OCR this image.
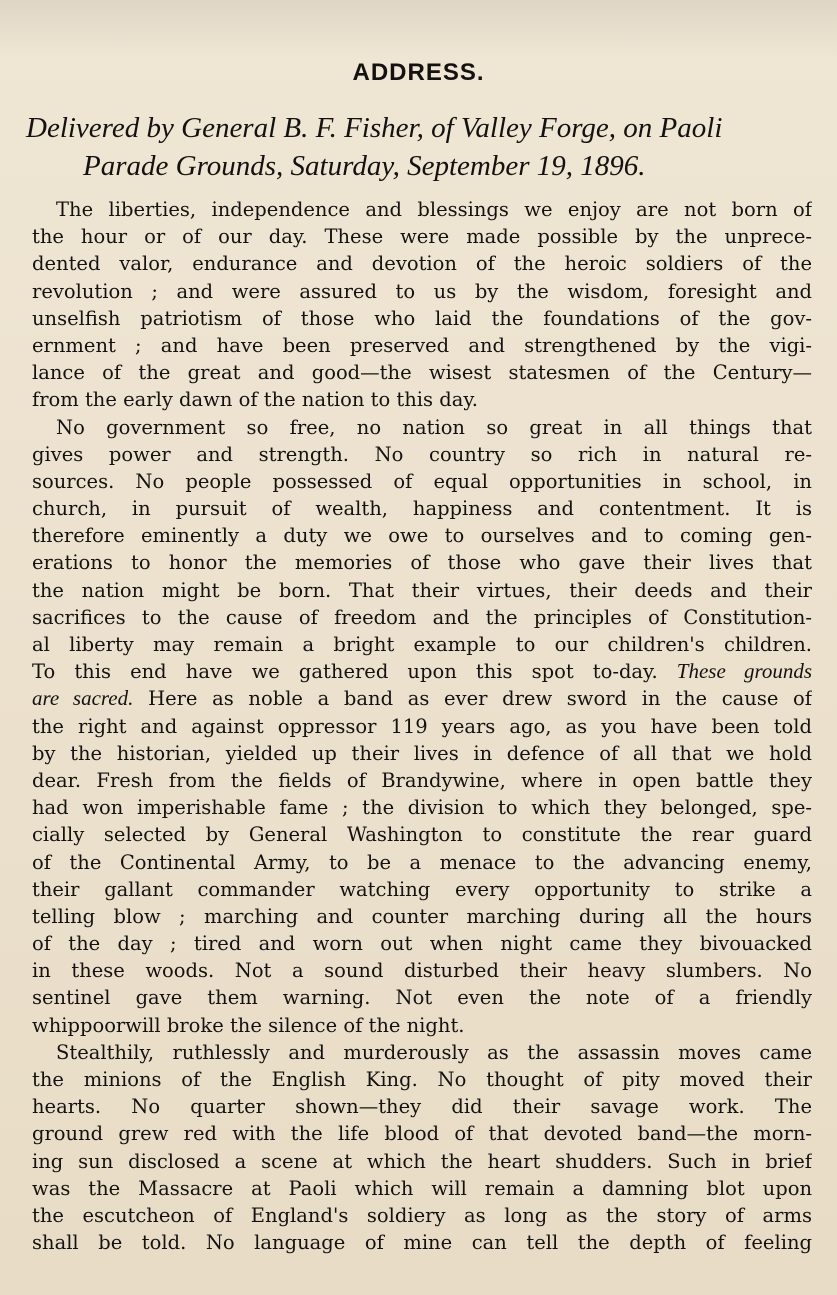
ADDRESS.

Delivered by General B. F. Fisher, of Valley Forge, on Paoli

Parade Grounds, Saturday, September 19, 1896.

The liberties, independence and blessings we enjoy are not born of
the hour or of our day. These were made possible by the unprece-
dented valor, endurance and devotion of the heroic soldiers of the
revolution ; and were assured to us by the wisdom, foresight and
unselfish patriotism of those who laid the foundations of the gov-
ernment ; and have been preserved and strengthened by the vigi-
lance of the great and good—the wisest statesmen of the Century—
from the early dawn of the nation to this day.
No government so free, no nation so great in all things that
gives power and strength. No country so rich in natural re-
sources. No people possessed of equal opportunities in school, in
church, in pursuit of wealth, happiness and contentment. It is
therefore eminently a duty we owe to ourselves and to coming gen-
erations to honor the memories of those who gave their lives that
the nation might be born. That their virtues, their deeds and their
sacrifices to the cause of freedom and the principles of Constitution-
al liberty may remain a bright example to our children's children.
To this end have we gathered upon this spot to-day. These grounds
are sacred. Here as noble a band as ever drew sword in the cause of
the right and against oppressor 119 years ago, as you have been told
by the historian, yielded up their lives in defence of all that we hold
dear. Fresh from the fields of Brandywine, where in open battle they
had won imperishable fame ; the division to which they belonged, spe-
cially selected by General Washington to constitute the rear guard
of the Continental Army, to be a menace to the advancing enemy,
their gallant commander watching every opportunity to strike a
telling blow ; marching and counter marching during all the hours
of the day ; tired and worn out when night came they bivouacked
in these woods. Not a sound disturbed their heavy slumbers. No
sentinel gave them warning. Not even the note of a friendly
whippoorwill broke the silence of the night.
Stealthily, ruthlessly and murderously as the assassin moves came
the minions of the English King. No thought of pity moved their
hearts. No quarter shown—they did their savage work. The
ground grew red with the life blood of that devoted band—the morn-
ing sun disclosed a scene at which the heart shudders. Such in brief
was the Massacre at Paoli which will remain a damning blot upon
the escutcheon of England's soldiery as long as the story of arms
shall be told. No language of mine can tell the depth of feeling
